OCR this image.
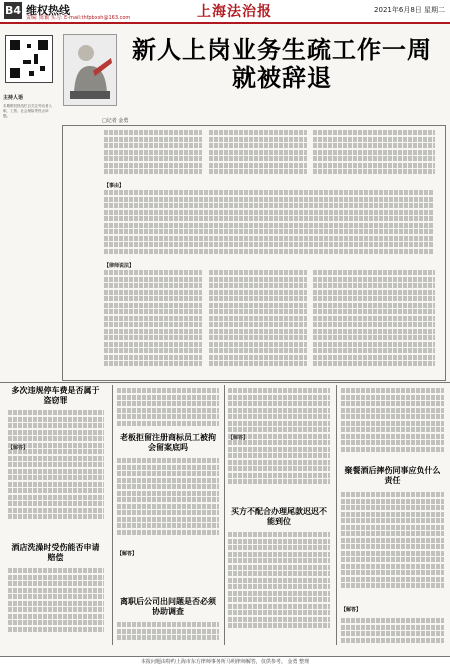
B4 维权热线
责编: 陈颖 实习: E-mail:thfpbxsh@163.com	上海法治报	2021年6月8日 星期二
主持人语
本期维权热线栏目关注劳动者入职、工资、社会保险等热点问题。
新人上岗业务生疏工作一周就被辞退
□记者 金勇
【事由】
【律师说法】
多次违规停车费是否属于盗窃罪
老板拒留注册商标员工被拘会留案底吗
买方不配合办理尾款迟迟不能到位
酒店洗澡时受伤能否申请赔偿
离职后公司出问题是否必须协助调查
聚餐酒后摔伤同事应负什么责任
【解答】
【解答】
【解答】
【解答】
本报问题由特约上海市东方律师事务所马明律师解答，仅供参考。 金勇 整理
